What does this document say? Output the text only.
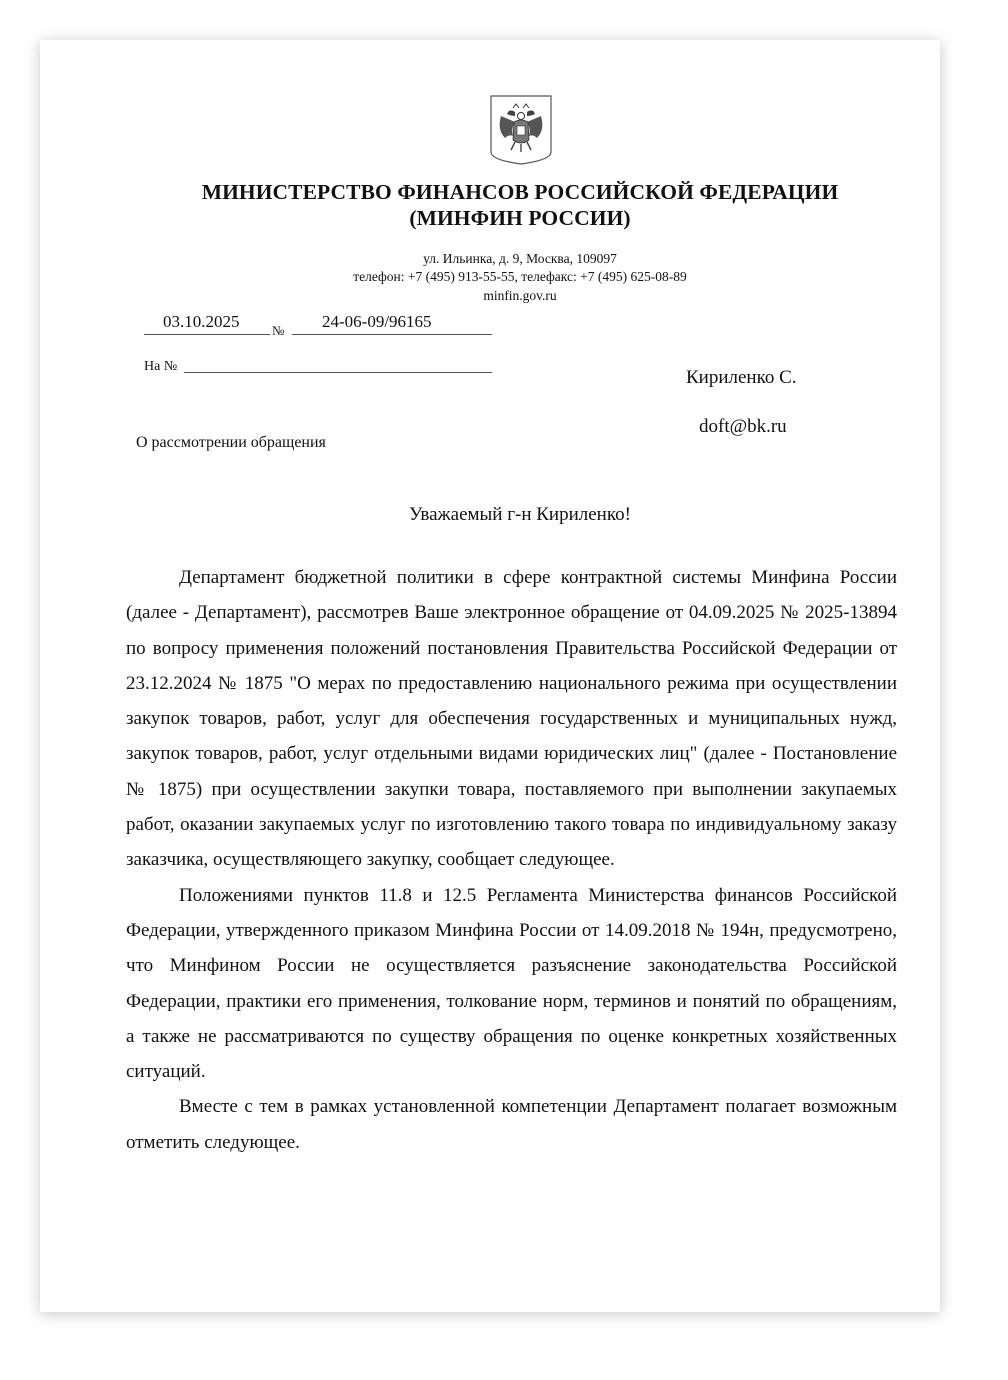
МИНИСТЕРСТВО ФИНАНСОВ РОССИЙСКОЙ ФЕДЕРАЦИИ
(МИНФИН РОССИИ)
ул. Ильинка, д. 9, Москва, 109097
телефон: +7 (495) 913-55-55, телефакс: +7 (495) 625-08-89
minfin.gov.ru
03.10.2025	№ 24-06-09/96165
На №
Кириленко С.
doft@bk.ru
О рассмотрении обращения
Уважаемый г-н Кириленко!

Департамент бюджетной политики в сфере контрактной системы Минфина России (далее - Департамент), рассмотрев Ваше электронное обращение от 04.09.2025 № 2025-13894 по вопросу применения положений постановления Правительства Российской Федерации от 23.12.2024 № 1875 "О мерах по предоставлению национального режима при осуществлении закупок товаров, работ, услуг для обеспечения государственных и муниципальных нужд, закупок товаров, работ, услуг отдельными видами юридических лиц" (далее - Постановление № 1875) при осуществлении закупки товара, поставляемого при выполнении закупаемых работ, оказании закупаемых услуг по изготовлению такого товара по индивидуальному заказу заказчика, осуществляющего закупку, сообщает следующее.

Положениями пунктов 11.8 и 12.5 Регламента Министерства финансов Российской Федерации, утвержденного приказом Минфина России от 14.09.2018 № 194н, предусмотрено, что Минфином России не осуществляется разъяснение законодательства Российской Федерации, практики его применения, толкование норм, терминов и понятий по обращениям, а также не рассматриваются по существу обращения по оценке конкретных хозяйственных ситуаций.

Вместе с тем в рамках установленной компетенции Департамент полагает возможным отметить следующее.
